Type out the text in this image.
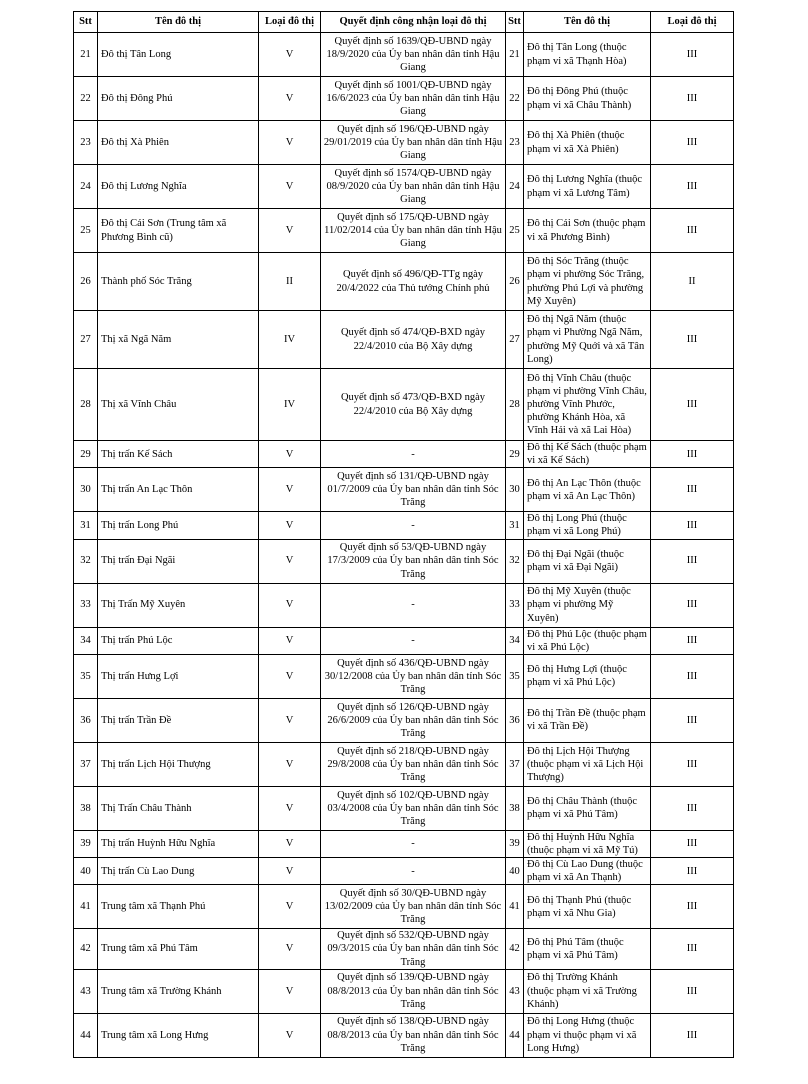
Stt	Tên đô thị	Loại đô thị	Quyết định công nhận loại đô thị	Stt	Tên đô thị	Loại đô thị
21	Đô thị Tân Long	V	Quyết định số 1639/QĐ-UBND ngày 18/9/2020 của Ủy ban nhân dân tỉnh Hậu Giang	21	Đô thị Tân Long (thuộc phạm vi xã Thạnh Hòa)	III
22	Đô thị Đông Phú	V	Quyết định số 1001/QĐ-UBND ngày 16/6/2023 của Ủy ban nhân dân tỉnh Hậu Giang	22	Đô thị Đông Phú (thuộc phạm vi xã Châu Thành)	III
23	Đô thị Xà Phiên	V	Quyết định số 196/QĐ-UBND ngày 29/01/2019 của Ủy ban nhân dân tỉnh Hậu Giang	23	Đô thị Xà Phiên (thuộc phạm vi xã Xà Phiên)	III
24	Đô thị Lương Nghĩa	V	Quyết định số 1574/QĐ-UBND ngày 08/9/2020 của Ủy ban nhân dân tỉnh Hậu Giang	24	Đô thị Lương Nghĩa (thuộc phạm vi xã Lương Tâm)	III
25	Đô thị Cái Sơn (Trung tâm xã Phương Bình cũ)	V	Quyết định số 175/QĐ-UBND ngày 11/02/2014 của Ủy ban nhân dân tỉnh Hậu Giang	25	Đô thị Cái Sơn (thuộc phạm vi xã Phương Bình)	III
26	Thành phố Sóc Trăng	II	Quyết định số 496/QĐ-TTg ngày 20/4/2022 của Thủ tướng Chính phủ	26	Đô thị Sóc Trăng (thuộc phạm vi phường Sóc Trăng, phường Phú Lợi và phường Mỹ Xuyên)	II
27	Thị xã Ngã Năm	IV	Quyết định số 474/QĐ-BXD ngày 22/4/2010 của Bộ Xây dựng	27	Đô thị Ngã Năm (thuộc phạm vi Phường Ngã Năm, phường Mỹ Quới và xã Tân Long)	III
28	Thị xã Vĩnh Châu	IV	Quyết định số 473/QĐ-BXD ngày 22/4/2010 của Bộ Xây dựng	28	Đô thị Vĩnh Châu (thuộc phạm vi phường Vĩnh Châu, phường Vĩnh Phước, phường Khánh Hòa, xã Vĩnh Hải và xã Lai Hòa)	III
29	Thị trấn Kế Sách	V	-	29	Đô thị Kế Sách (thuộc phạm vi xã Kế Sách)	III
30	Thị trấn An Lạc Thôn	V	Quyết định số 131/QĐ-UBND ngày 01/7/2009 của Ủy ban nhân dân tỉnh Sóc Trăng	30	Đô thị An Lạc Thôn (thuộc phạm vi xã An Lạc Thôn)	III
31	Thị trấn Long Phú	V	-	31	Đô thị Long Phú (thuộc phạm vi xã Long Phú)	III
32	Thị trấn Đại Ngãi	V	Quyết định số 53/QĐ-UBND ngày 17/3/2009 của Ủy ban nhân dân tỉnh Sóc Trăng	32	Đô thị Đại Ngãi (thuộc phạm vi xã Đại Ngãi)	III
33	Thị Trấn Mỹ Xuyên	V	-	33	Đô thị Mỹ Xuyên (thuộc phạm vi phường Mỹ Xuyên)	III
34	Thị trấn Phú Lộc	V	-	34	Đô thị Phú Lộc (thuộc phạm vi xã Phú Lộc)	III
35	Thị trấn Hưng Lợi	V	Quyết định số 436/QĐ-UBND ngày 30/12/2008 của Ủy ban nhân dân tỉnh Sóc Trăng	35	Đô thị Hưng Lợi (thuộc phạm vi xã Phú Lộc)	III
36	Thị trấn Trần Đề	V	Quyết định số 126/QĐ-UBND ngày 26/6/2009 của Ủy ban nhân dân tỉnh Sóc Trăng	36	Đô thị Trần Đề (thuộc phạm vi xã Trần Đề)	III
37	Thị trấn Lịch Hội Thượng	V	Quyết định số 218/QĐ-UBND ngày 29/8/2008 của Ủy ban nhân dân tỉnh Sóc Trăng	37	Đô thị Lịch Hội Thượng (thuộc phạm vi xã Lịch Hội Thượng)	III
38	Thị Trấn Châu Thành	V	Quyết định số 102/QĐ-UBND ngày 03/4/2008 của Ủy ban nhân dân tỉnh Sóc Trăng	38	Đô thị Châu Thành (thuộc phạm vi xã Phú Tâm)	III
39	Thị trấn Huỳnh Hữu Nghĩa	V	-	39	Đô thị Huỳnh Hữu Nghĩa (thuộc phạm vi xã Mỹ Tú)	III
40	Thị trấn Cù Lao Dung	V	-	40	Đô thị Cù Lao Dung (thuộc phạm vi xã An Thạnh)	III
41	Trung tâm xã Thạnh Phú	V	Quyết định số 30/QĐ-UBND ngày 13/02/2009 của Ủy ban nhân dân tỉnh Sóc Trăng	41	Đô thị Thạnh Phú (thuộc phạm vi xã Nhu Gia)	III
42	Trung tâm xã Phú Tâm	V	Quyết định số 532/QĐ-UBND ngày 09/3/2015 của Ủy ban nhân dân tỉnh Sóc Trăng	42	Đô thị Phú Tâm (thuộc phạm vi xã Phú Tâm)	III
43	Trung tâm xã Trường Khánh	V	Quyết định số 139/QĐ-UBND ngày 08/8/2013 của Ủy ban nhân dân tỉnh Sóc Trăng	43	Đô thị Trường Khánh (thuộc phạm vi xã Trường Khánh)	III
44	Trung tâm xã Long Hưng	V	Quyết định số 138/QĐ-UBND ngày 08/8/2013 của Ủy ban nhân dân tỉnh Sóc Trăng	44	Đô thị Long Hưng (thuộc phạm vi thuộc phạm vi xã Long Hưng)	III
